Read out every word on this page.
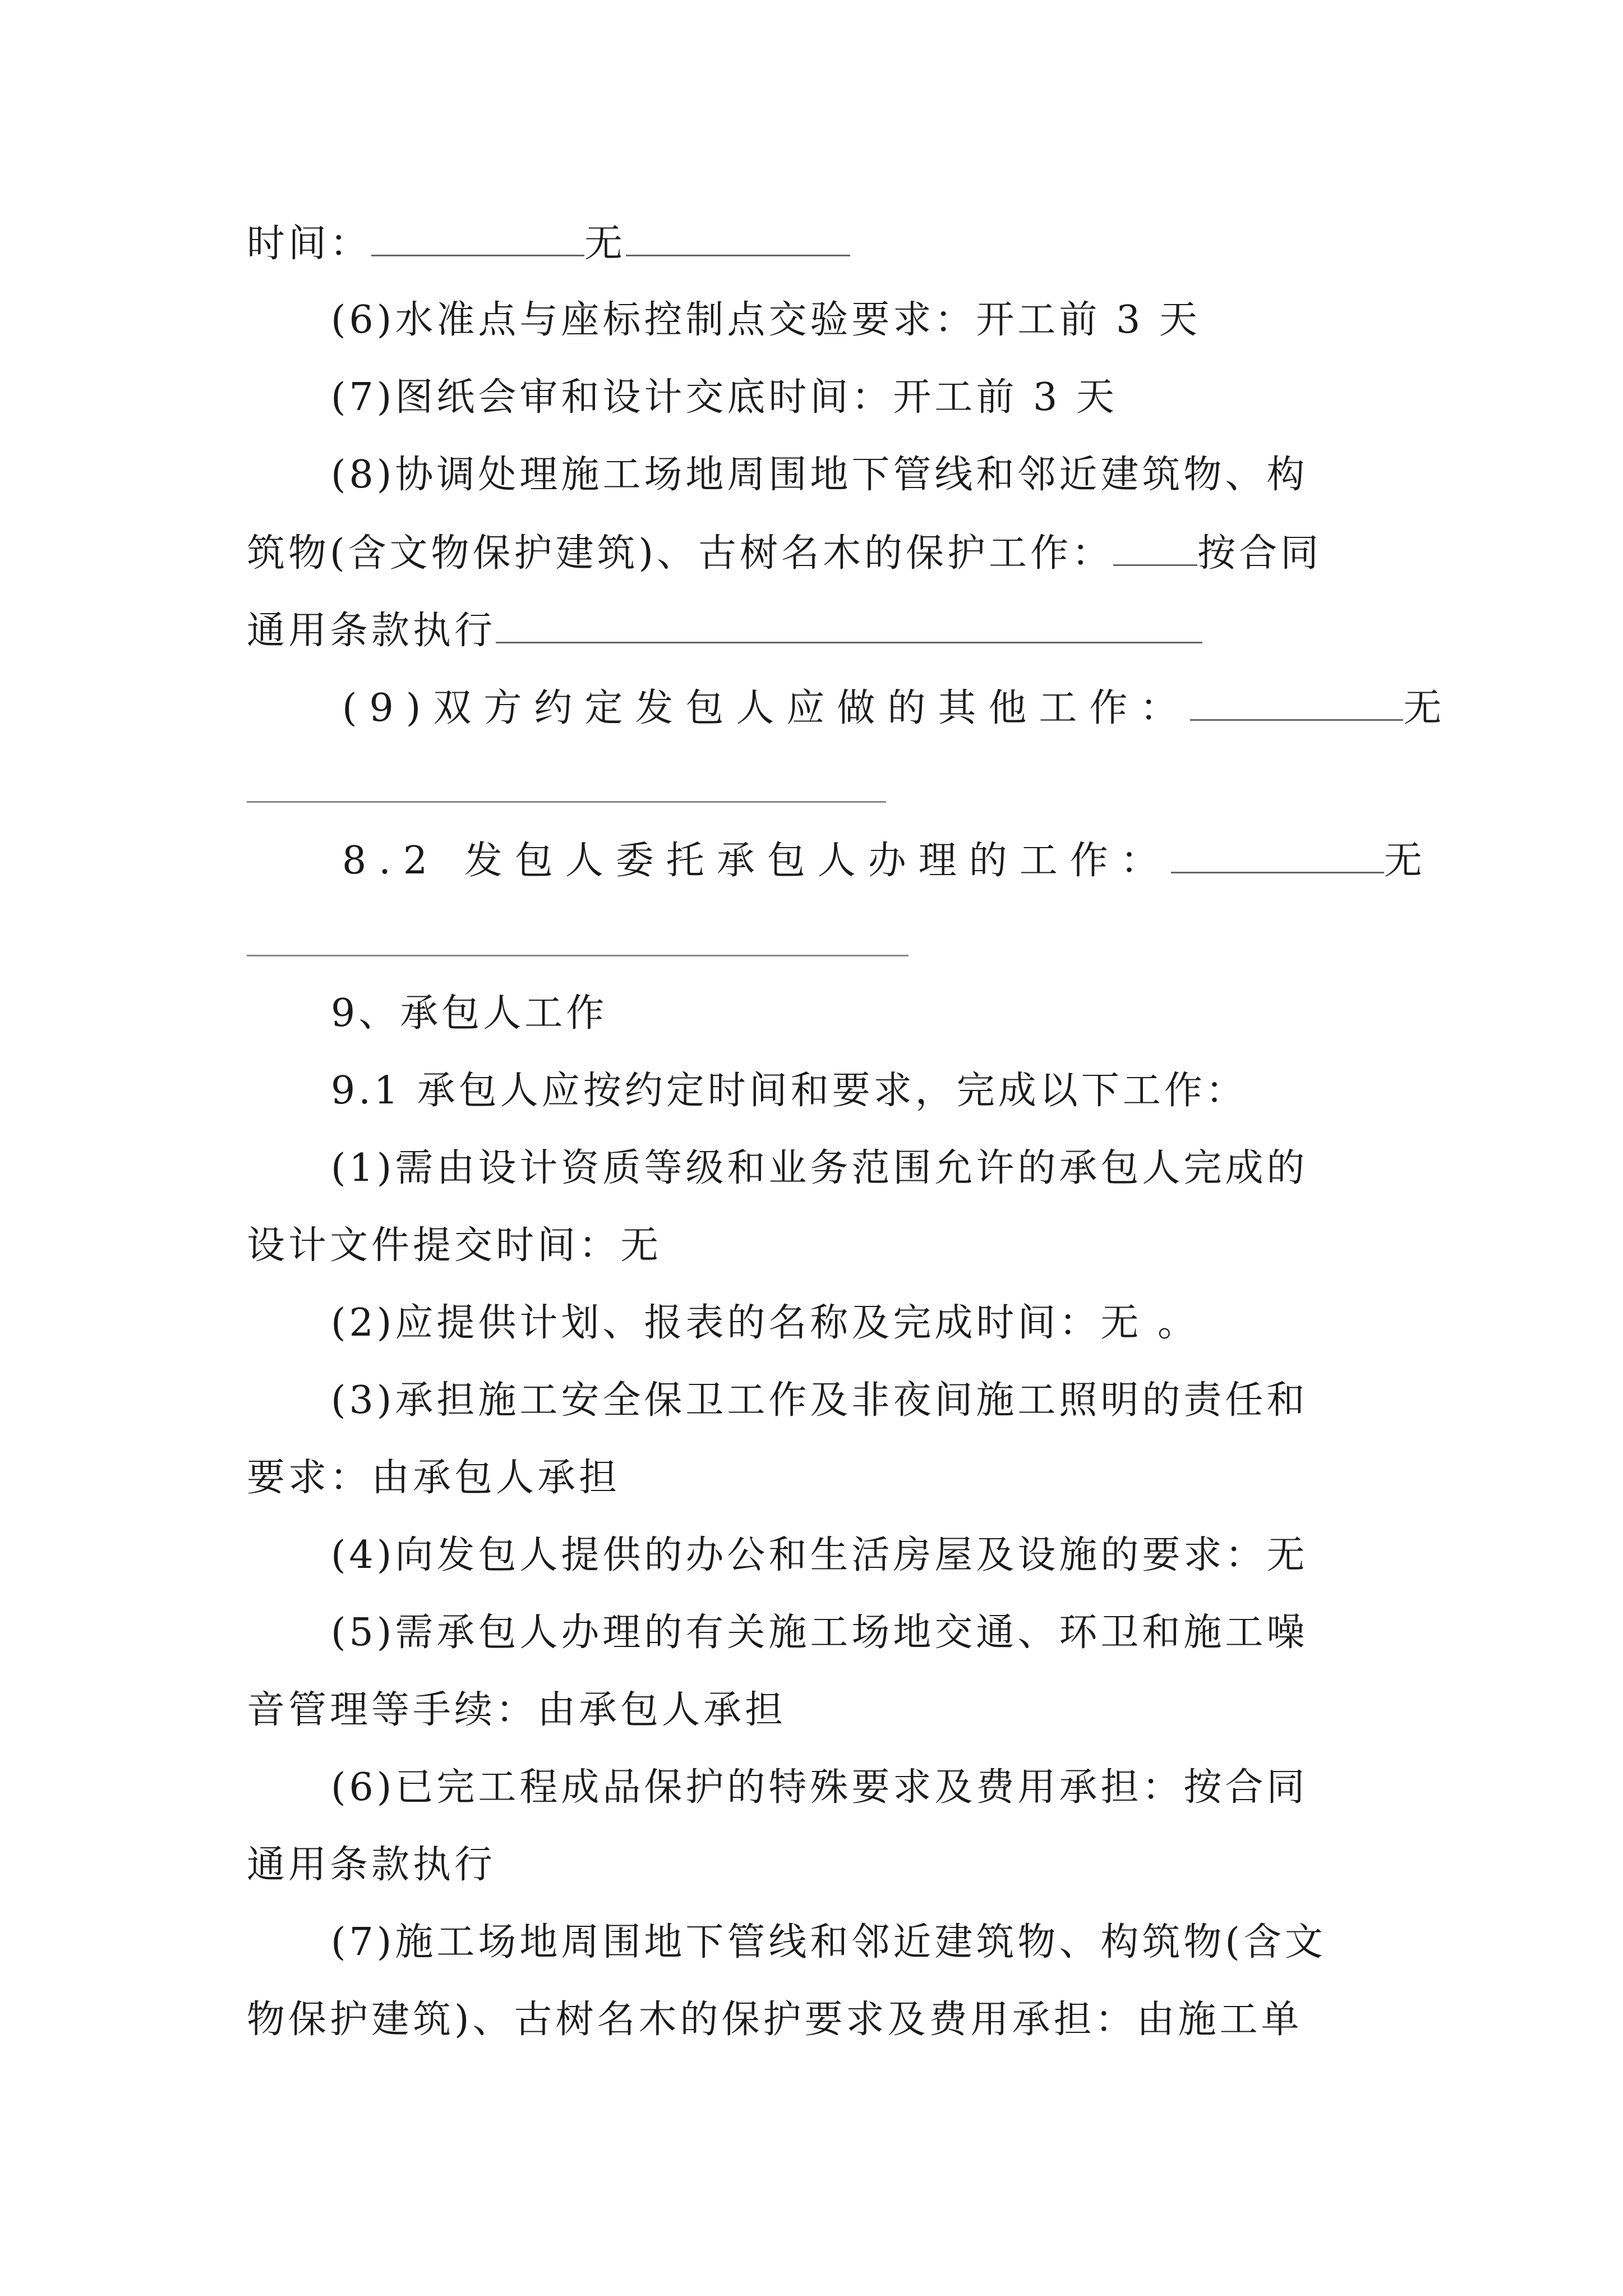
时间：	无
(6)水准点与座标控制点交验要求：开工前 3 天
(7)图纸会审和设计交底时间：开工前 3 天
(8)协调处理施工场地周围地下管线和邻近建筑物、构
筑物(含文物保护建筑)、古树名木的保护工作： 按合同
通用条款执行
(9)双方约定发包人应做的其他工作：	无
8.2 发包人委托承包人办理的工作：	无
9、承包人工作
9.1 承包人应按约定时间和要求，完成以下工作：
(1)需由设计资质等级和业务范围允许的承包人完成的
设计文件提交时间：无
(2)应提供计划、报表的名称及完成时间：无 。
(3)承担施工安全保卫工作及非夜间施工照明的责任和
要求：由承包人承担
(4)向发包人提供的办公和生活房屋及设施的要求：无
(5)需承包人办理的有关施工场地交通、环卫和施工噪
音管理等手续：由承包人承担
(6)已完工程成品保护的特殊要求及费用承担：按合同
通用条款执行
(7)施工场地周围地下管线和邻近建筑物、构筑物(含文
物保护建筑)、古树名木的保护要求及费用承担：由施工单
